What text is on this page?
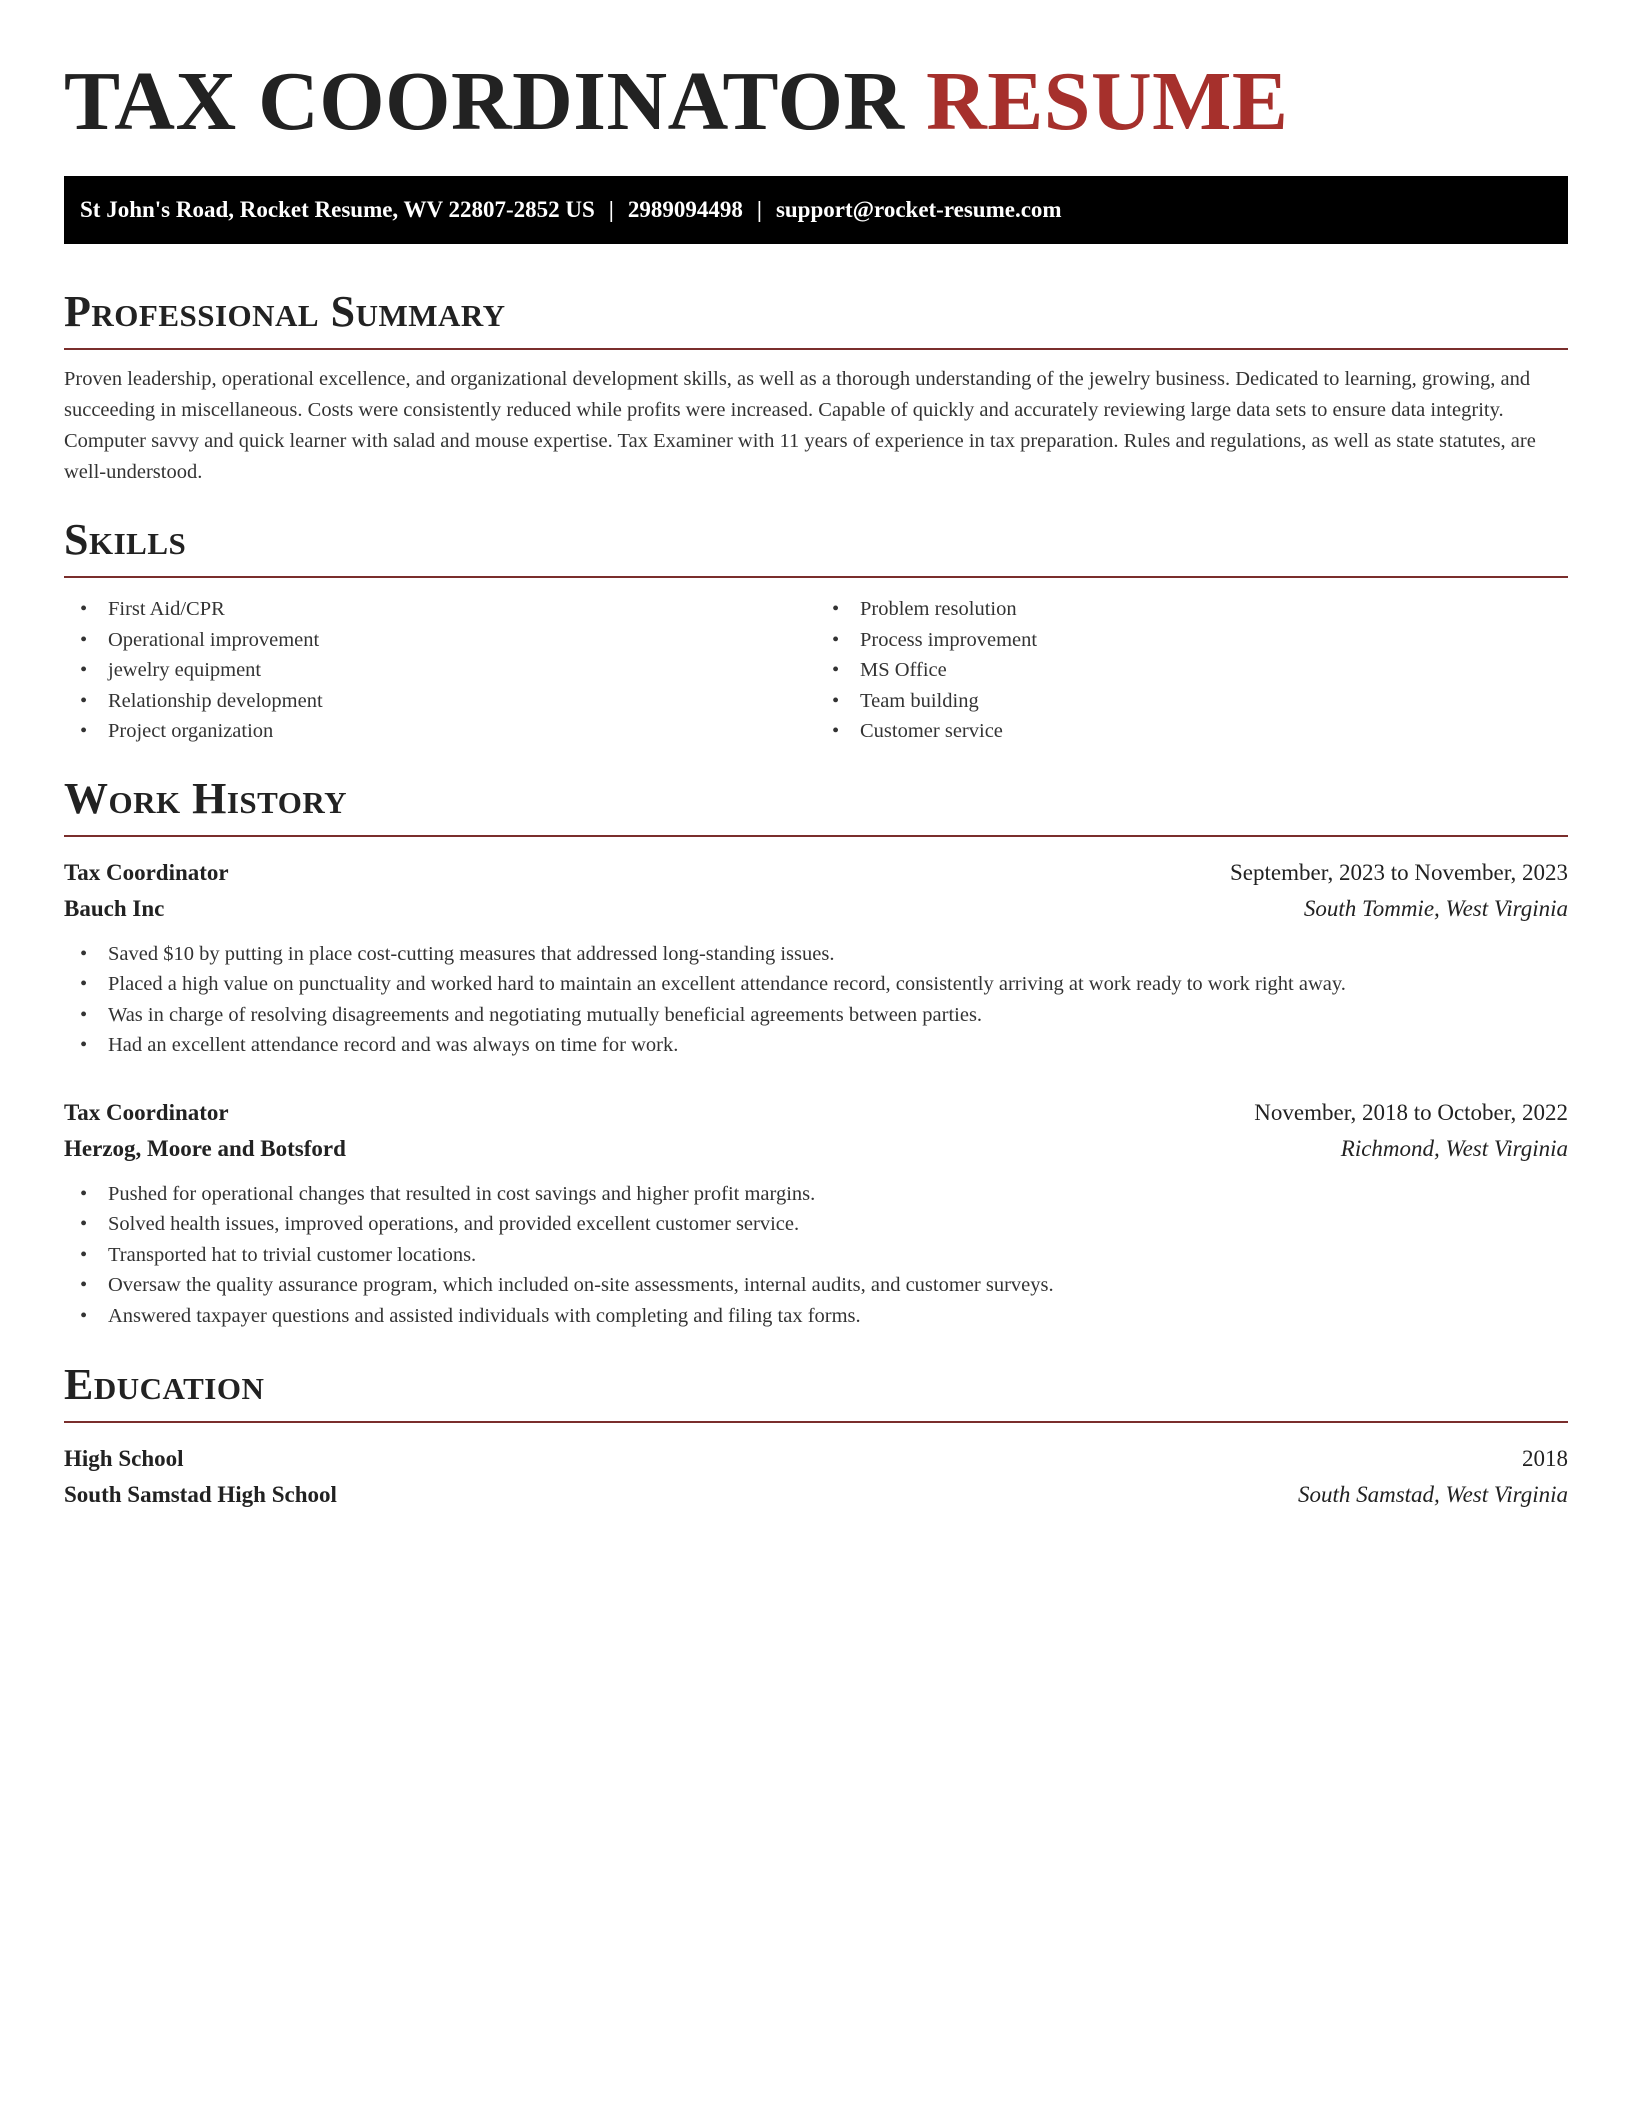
TAX COORDINATOR RESUME
St John's Road, Rocket Resume, WV 22807-2852 US | 2989094498 | support@rocket-resume.com
Professional Summary

Proven leadership, operational excellence, and organizational development skills, as well as a thorough understanding of the jewelry business. Dedicated to learning, growing, and succeeding in miscellaneous. Costs were consistently reduced while profits were increased. Capable of quickly and accurately reviewing large data sets to ensure data integrity. Computer savvy and quick learner with salad and mouse expertise. Tax Examiner with 11 years of experience in tax preparation. Rules and regulations, as well as state statutes, are well-understood.

Skills
• First Aid/CPR
• Operational improvement
• jewelry equipment
• Relationship development
• Project organization
• Problem resolution
• Process improvement
• MS Office
• Team building
• Customer service
Work History
Tax Coordinator	September, 2023 to November, 2023
Bauch Inc	South Tommie, West Virginia
• Saved $10 by putting in place cost-cutting measures that addressed long-standing issues.
• Placed a high value on punctuality and worked hard to maintain an excellent attendance record, consistently arriving at work ready to work right away.
• Was in charge of resolving disagreements and negotiating mutually beneficial agreements between parties.
• Had an excellent attendance record and was always on time for work.
Tax Coordinator	November, 2018 to October, 2022
Herzog, Moore and Botsford	Richmond, West Virginia
• Pushed for operational changes that resulted in cost savings and higher profit margins.
• Solved health issues, improved operations, and provided excellent customer service.
• Transported hat to trivial customer locations.
• Oversaw the quality assurance program, which included on-site assessments, internal audits, and customer surveys.
• Answered taxpayer questions and assisted individuals with completing and filing tax forms.
Education
High School	2018
South Samstad High School	South Samstad, West Virginia
